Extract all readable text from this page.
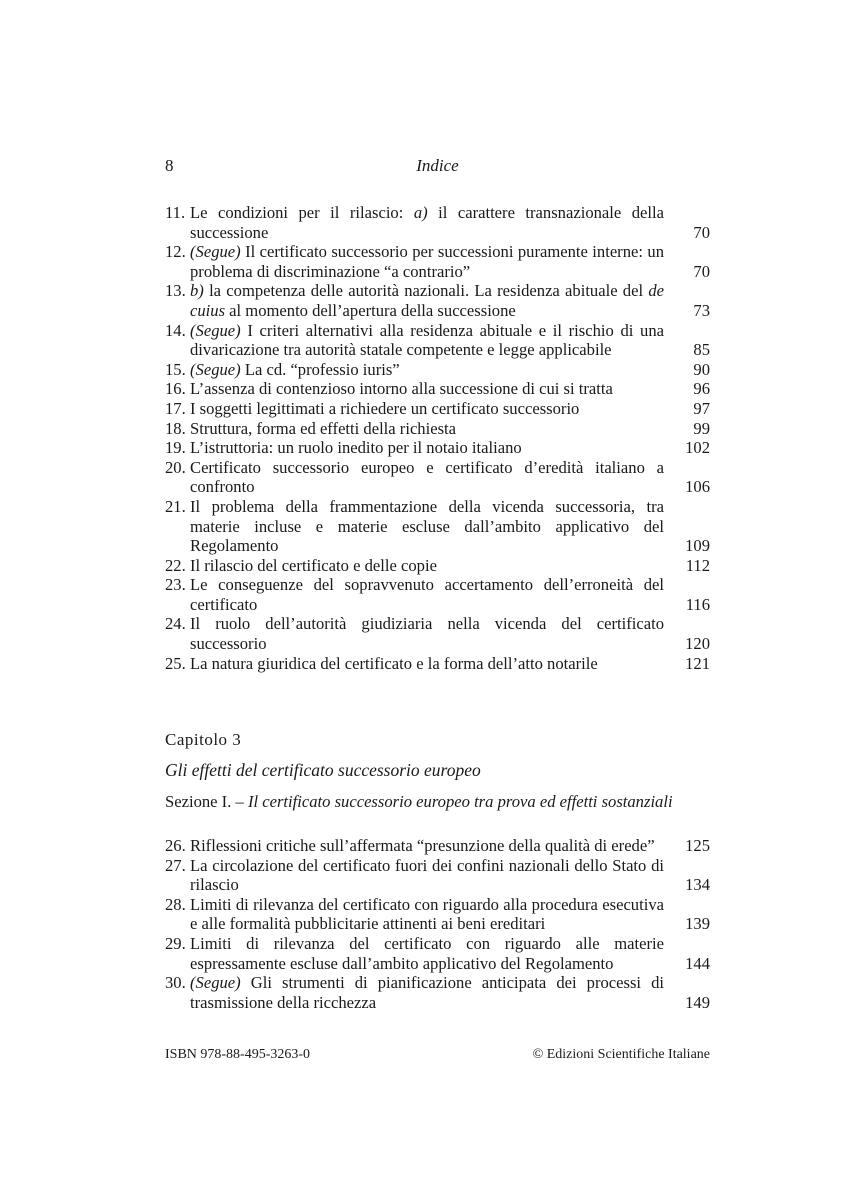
8	Indice
11. Le condizioni per il rilascio: a) il carattere transnazionale della successione	70
12. (Segue) Il certificato successorio per successioni puramente interne: un problema di discriminazione “a contrario”	70
13. b) la competenza delle autorità nazionali. La residenza abituale del de cuius al momento dell’apertura della successione	73
14. (Segue) I criteri alternativi alla residenza abituale e il rischio di una divaricazione tra autorità statale competente e legge applicabile	85
15. (Segue) La cd. “professio iuris”	90
16. L’assenza di contenzioso intorno alla successione di cui si tratta	96
17. I soggetti legittimati a richiedere un certificato successorio	97
18. Struttura, forma ed effetti della richiesta	99
19. L’istruttoria: un ruolo inedito per il notaio italiano	102
20. Certificato successorio europeo e certificato d’eredità italiano a confronto	106
21. Il problema della frammentazione della vicenda successoria, tra materie incluse e materie escluse dall’ambito applicativo del Regolamento	109
22. Il rilascio del certificato e delle copie	112
23. Le conseguenze del sopravvenuto accertamento dell’erroneità del certificato	116
24. Il ruolo dell’autorità giudiziaria nella vicenda del certificato successorio	120
25. La natura giuridica del certificato e la forma dell’atto notarile	121
Capitolo 3
Gli effetti del certificato successorio europeo
Sezione I. – Il certificato successorio europeo tra prova ed effetti sostanziali
26. Riflessioni critiche sull’affermata “presunzione della qualità di erede”	125
27. La circolazione del certificato fuori dei confini nazionali dello Stato di rilascio	134
28. Limiti di rilevanza del certificato con riguardo alla procedura esecutiva e alle formalità pubblicitarie attinenti ai beni ereditari	139
29. Limiti di rilevanza del certificato con riguardo alle materie espressamente escluse dall’ambito applicativo del Regolamento	144
30. (Segue) Gli strumenti di pianificazione anticipata dei processi di trasmissione della ricchezza	149
ISBN 978-88-495-3263-0	© Edizioni Scientifiche Italiane
